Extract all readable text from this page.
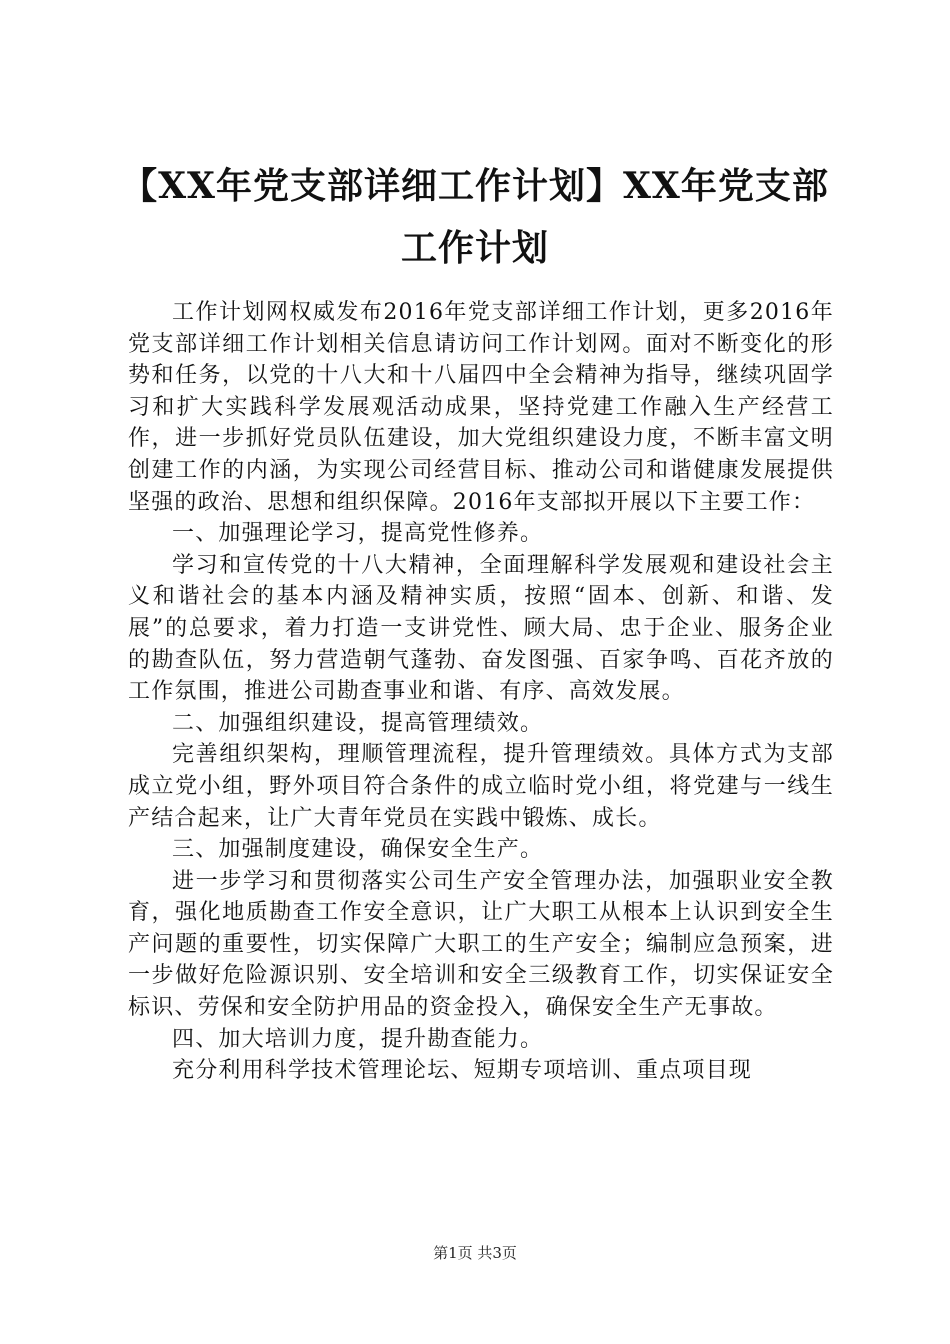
【XX年党支部详细工作计划】XX年党支部工作计划

工作计划网权威发布2016年党支部详细工作计划，更多2016年党支部详细工作计划相关信息请访问工作计划网。面对不断变化的形势和任务，以党的十八大和十八届四中全会精神为指导，继续巩固学习和扩大实践科学发展观活动成果，坚持党建工作融入生产经营工作，进一步抓好党员队伍建设，加大党组织建设力度，不断丰富文明创建工作的内涵，为实现公司经营目标、推动公司和谐健康发展提供坚强的政治、思想和组织保障。2016年支部拟开展以下主要工作：

一、加强理论学习，提高党性修养。

学习和宣传党的十八大精神，全面理解科学发展观和建设社会主义和谐社会的基本内涵及精神实质，按照“固本、创新、和谐、发展”的总要求，着力打造一支讲党性、顾大局、忠于企业、服务企业的勘查队伍，努力营造朝气蓬勃、奋发图强、百家争鸣、百花齐放的工作氛围，推进公司勘查事业和谐、有序、高效发展。

二、加强组织建设，提高管理绩效。

完善组织架构，理顺管理流程，提升管理绩效。具体方式为支部成立党小组，野外项目符合条件的成立临时党小组，将党建与一线生产结合起来，让广大青年党员在实践中锻炼、成长。

三、加强制度建设，确保安全生产。

进一步学习和贯彻落实公司生产安全管理办法，加强职业安全教育，强化地质勘查工作安全意识，让广大职工从根本上认识到安全生产问题的重要性，切实保障广大职工的生产安全；编制应急预案，进一步做好危险源识别、安全培训和安全三级教育工作，切实保证安全标识、劳保和安全防护用品的资金投入，确保安全生产无事故。

四、加大培训力度，提升勘查能力。

充分利用科学技术管理论坛、短期专项培训、重点项目现

第1页 共3页
